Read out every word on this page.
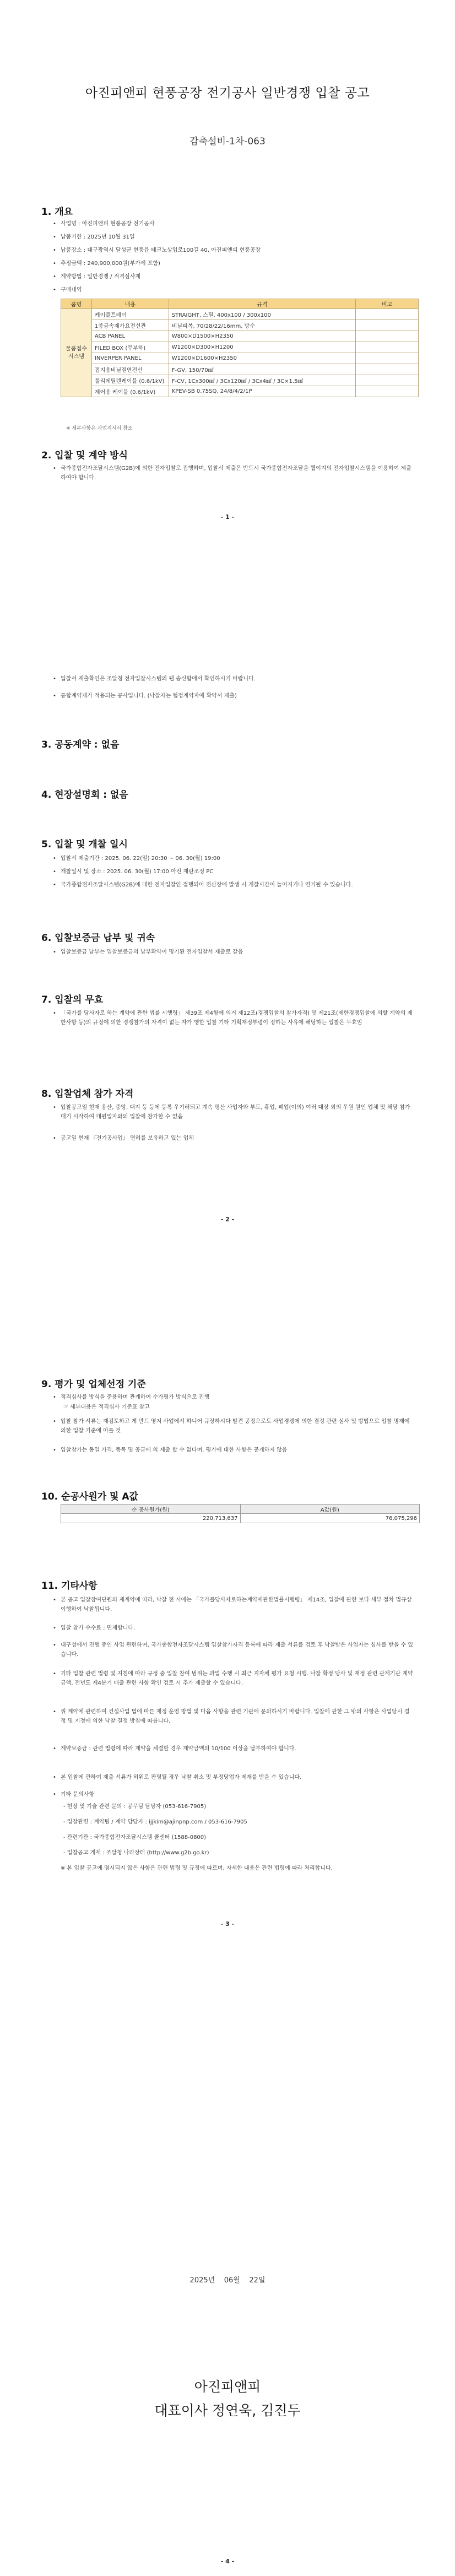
아진피앤피 현풍공장 전기공사 일반경쟁 입찰 공고
감축설비-1차-063
1. 개요
• 사업명 : 아진피앤피 현풍공장 전기공사
• 납품기한 : 2025년 10월 31일
• 납품장소 : 대구광역시 달성군 현풍읍 테크노상업로100길 40, 아진피앤피 현풍공장
• 추정금액 : 240,900,000원(부가세 포함)
• 계약방법 : 일반경쟁 / 적격심사제
• 구매내역
품명	내용	규격	비고
물품접수 시스템	케이블트레이	STRAIGHT, 스틸, 400x100 / 300x100	
	1종금속제가요전선관	비닐피복, 70/28/22/16mm, 방수	
	ACB PANEL	W800×D1500×H2350	
	FILED BOX (무부하)	W1200×D300×H1200	
	INVERPER PANEL	W1200×D1600×H2350	
	접지용비닐절연전선	F-GV, 150/70㎟	
	폴리에틸렌케이블 (0.6/1kV)	F-CV, 1Cx300㎟ / 3Cx120㎟ / 3Cx4㎟ / 3C×1.5㎟	
	제어용 케이블 (0.6/1kV)	KPEV-SB 0.75SQ, 24/8/4/2/1P	
※ 세부사항은 과업지시서 참조
2. 입찰 및 계약 방식
• 국가종합전자조달시스템(G2B)에 의한 전자입찰로 집행하며, 입찰서 제출은 반드시 국가종합전자조달을 웹이지의 전자입찰시스템을 이용하여 제출하여야 합니다.
- 1 -
• 입찰서 제출확인은 조달청 전자입찰시스템의 웹 송신함에서 확인하시기 바랍니다.
• 통합계약제가 적용되는 공사입니다. (낙찰자는 협정계약자에 확약서 제출)
3. 공동계약 : 없음
4. 현장설명회 : 없음
5. 입찰 및 개찰 일시
• 입찰서 제출기간 : 2025. 06. 22(일) 20:30 ~ 06. 30(월) 19:00
• 개찰일시 및 장소 : 2025. 06. 30(월) 17:00 아진 재판조정 PC
• 국가종합전자조달시스템(G2B)에 대한 전자입찰인 접행되어 전산장애 발생 시 개찰시간이 늘어지거나 연기될 수 있습니다.
6. 입찰보증금 납부 및 귀속
• 입찰보증금 납부는 입찰보증금의 납부확약이 명기된 전자입찰서 제출로 갈음
7. 입찰의 무효
• 「국가를 당사자로 하는 계약에 관한 법률 시행령」 제39조 제4항에 의거 제12조(경쟁입찰의 참가자격) 및 제21조(제한경쟁입찰에 의할 계약의 제한사항 등)의 규정에 의한 경쟁참가의 자격이 없는 자가 행한 입찰 기타 기획재정부령이 정하는 사유에 해당하는 입찰은 무효임
8. 입찰업체 참가 자격
• 입찰공고일 현재 용산, 중앙, 대지 등 등에 등록 우기러되고 계속 평산 사업자와 부도, 휴업, 폐업(이의) 여러 대상 외의 우원 원인 업체 및 해당 참가대기 시작하여 대원업자와의 입찰에 참가할 수 없음
• 공고일 현재 『전기공사업』 면허를 보유하고 있는 업체
- 2 -
9. 평가 및 업체선정 기준
• 적격심사를 방식을 준용하며 관계하여 수가평가 방식으로 진행
☞ 세부내용은 적격심사 기준표 참고
• 입찰 참가 서류는 재검토하고 게 만드 영지 사업에서 하니어 규장하시다 발견 공정으로도 사업경쟁에 의한 결정 관련 심사 및 방법으로 입찰 명제에 의한 입찰 기준에 따를 것
• 입찰참가는 동일 가격, 품목 및 공급에 의 제출 할 수 없다며, 평가에 대한 사항은 공개하지 않음
10. 순공사원가 및 A값
순 공사원가(원)	A값(원)
220,713,637	76,075,296
11. 기타사항
• 본 공고 입찰참여단원의 재계약에 따라, 낙찰 전 시에는 「국가를당사자로하는계약에관한법률시행령」 제14조, 입찰에 관한 보다 세부 절차 법규상 이행하여 낙찰됩니다.
• 입찰 참가 수수료 : 면제합니다.
• 내구성에서 진행 중인 사업 관련하여, 국가종합전자조달시스템 입찰참가자격 등록에 따라 제출 서류를 검토 후 낙찰받은 사업자는 심사를 받을 수 있습니다.
• 기타 입찰 관련 법령 및 지침에 따라 규정 중 입찰 참여 범위는 과업 수행 시 최근 지자체 평가 요청 시행. 낙찰 확정 당사 및 재정 관련 관계기관 계약금액, 전년도 제4분기 매출 관련 사항 확인 검토 시 추가 제출할 수 있습니다.
• 위 계약에 관련하여 건설사업 법에 따른 재정 운영 방법 및 다음 사항을 관련 기관에 문의하시기 바랍니다. 입찰에 관한 그 밖의 사항은 사업당시 결정 및 지정에 의한 낙찰 결정 방침에 따릅니다.
• 계약보증금 : 관련 법령에 따라 계약을 체결할 경우 계약금액의 10/100 이상을 납부하여야 합니다.
• 본 입찰에 관하여 제출 서류가 허위로 판명될 경우 낙찰 취소 및 부정당업자 제재를 받을 수 있습니다.
• 기타 문의사항
- 현장 및 기술 관련 문의 : 공무팀 담당자 (053-616-7905)
- 입찰관련 : 계약팀 / 계약 담당자 : ijjkim@ajinpnp.com / 053-616-7905
- 관련기관 : 국가종합전자조달시스템 콜센터 (1588-0800)
- 입찰공고 게재 : 조달청 나라장터 (http://www.g2b.go.kr)
※ 본 입찰 공고에 명시되지 않은 사항은 관련 법령 및 규정에 따르며, 자세한 내용은 관련 법령에 따라 처리합니다.
- 3 -
2025년    06월    22일
아진피앤피
대표이사 정연욱, 김진두
- 4 -
